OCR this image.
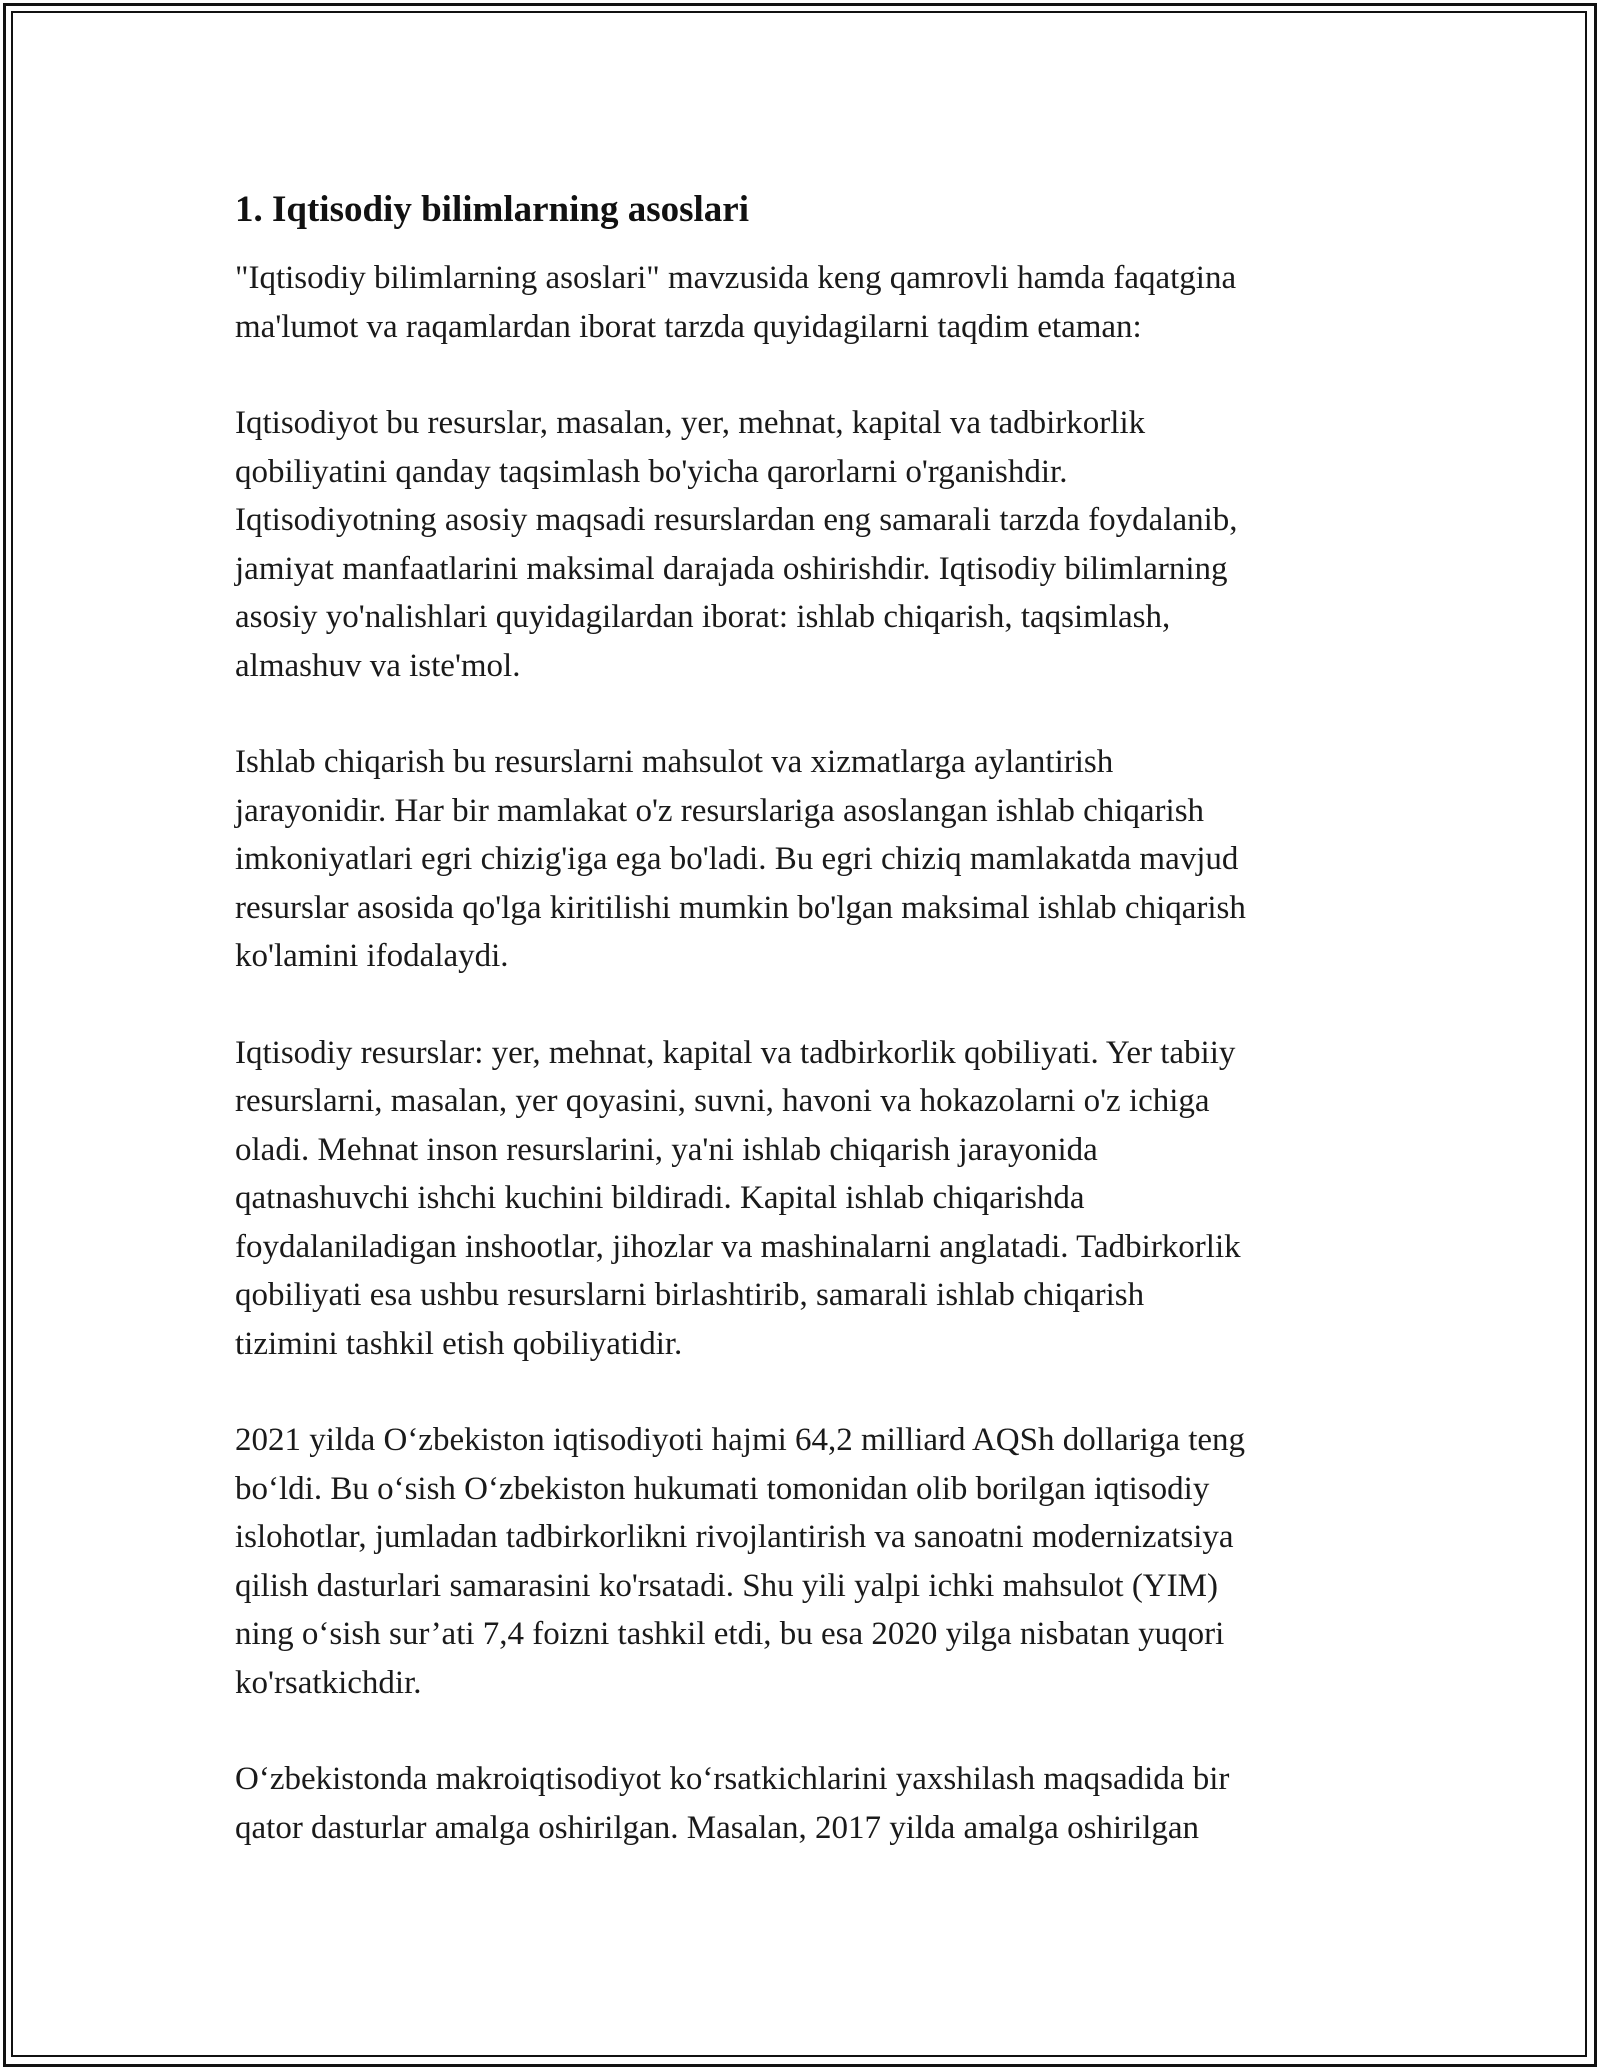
1. Iqtisodiy bilimlarning asoslari
"Iqtisodiy bilimlarning asoslari" mavzusida keng qamrovli hamda faqatgina
ma'lumot va raqamlardan iborat tarzda quyidagilarni taqdim etaman:
Iqtisodiyot bu resurslar, masalan, yer, mehnat, kapital va tadbirkorlik
qobiliyatini qanday taqsimlash bo'yicha qarorlarni o'rganishdir.
Iqtisodiyotning asosiy maqsadi resurslardan eng samarali tarzda foydalanib,
jamiyat manfaatlarini maksimal darajada oshirishdir. Iqtisodiy bilimlarning
asosiy yo'nalishlari quyidagilardan iborat: ishlab chiqarish, taqsimlash,
almashuv va iste'mol.
Ishlab chiqarish bu resurslarni mahsulot va xizmatlarga aylantirish
jarayonidir. Har bir mamlakat o'z resurslariga asoslangan ishlab chiqarish
imkoniyatlari egri chizig'iga ega bo'ladi. Bu egri chiziq mamlakatda mavjud
resurslar asosida qo'lga kiritilishi mumkin bo'lgan maksimal ishlab chiqarish
ko'lamini ifodalaydi.
Iqtisodiy resurslar: yer, mehnat, kapital va tadbirkorlik qobiliyati. Yer tabiiy
resurslarni, masalan, yer qoyasini, suvni, havoni va hokazolarni o'z ichiga
oladi. Mehnat inson resurslarini, ya'ni ishlab chiqarish jarayonida
qatnashuvchi ishchi kuchini bildiradi. Kapital ishlab chiqarishda
foydalaniladigan inshootlar, jihozlar va mashinalarni anglatadi. Tadbirkorlik
qobiliyati esa ushbu resurslarni birlashtirib, samarali ishlab chiqarish
tizimini tashkil etish qobiliyatidir.
2021 yilda O‘zbekiston iqtisodiyoti hajmi 64,2 milliard AQSh dollariga teng
bo‘ldi. Bu o‘sish O‘zbekiston hukumati tomonidan olib borilgan iqtisodiy
islohotlar, jumladan tadbirkorlikni rivojlantirish va sanoatni modernizatsiya
qilish dasturlari samarasini ko'rsatadi. Shu yili yalpi ichki mahsulot (YIM)
ning o‘sish sur’ati 7,4 foizni tashkil etdi, bu esa 2020 yilga nisbatan yuqori
ko'rsatkichdir.
O‘zbekistonda makroiqtisodiyot ko‘rsatkichlarini yaxshilash maqsadida bir
qator dasturlar amalga oshirilgan. Masalan, 2017 yilda amalga oshirilgan
